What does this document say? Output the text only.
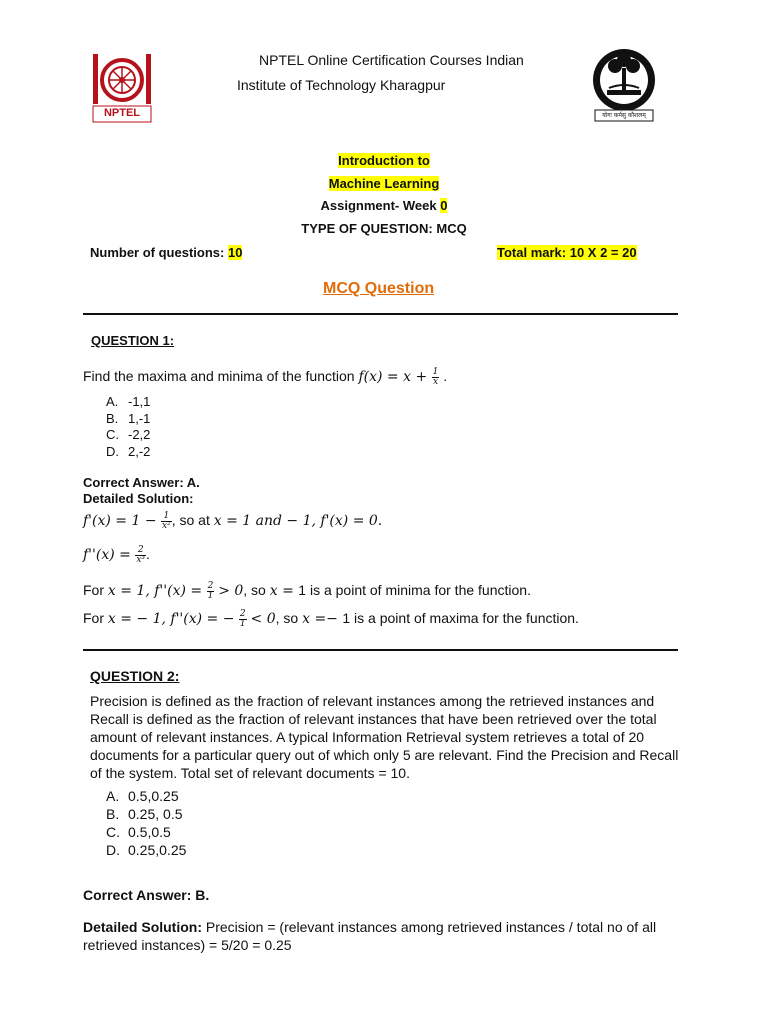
NPTEL
NPTEL Online Certification Courses Indian
Institute of Technology Kharagpur
योगः कर्मसु कौशलम्
Introduction to
Machine Learning
Assignment- Week 0
TYPE OF QUESTION: MCQ
Number of questions: 10	Total mark: 10 X 2 = 20
MCQ Question
QUESTION 1:
Find the maxima and minima of the function $f(x) = x + \frac{1}{x}$ .
A. -1,1
B. 1,-1
C. -2,2
D. 2,-2
Correct Answer: A.
Detailed Solution:
$f'(x) = 1 - \frac{1}{\text{x²}}$ , so at x = 1 and − 1, f'(x) = 0.
$f''(x) = \frac{2}{\text{x³}}$ .
For x = 1, $f''(x) = \frac{2}{1} > 0$, so x = 1 is a point of minima for the function.
For x = − 1, f''(x) = − $\frac{2}{1} < 0$, so x =− 1 is a point of maxima for the function.
QUESTION 2:

Precision is defined as the fraction of relevant instances among the retrieved instances and Recall is defined as the fraction of relevant instances that have been retrieved over the total amount of relevant instances. A typical Information Retrieval system retrieves a total of 20 documents for a particular query out of which only 5 are relevant. Find the Precision and Recall of the system. Total set of relevant documents = 10.

A. 0.5,0.25
B. 0.25, 0.5
C. 0.5,0.5
D. 0.25,0.25
Correct Answer: B.

Detailed Solution: Precision = (relevant instances among retrieved instances / total no of all retrieved instances) = 5/20 = 0.25
